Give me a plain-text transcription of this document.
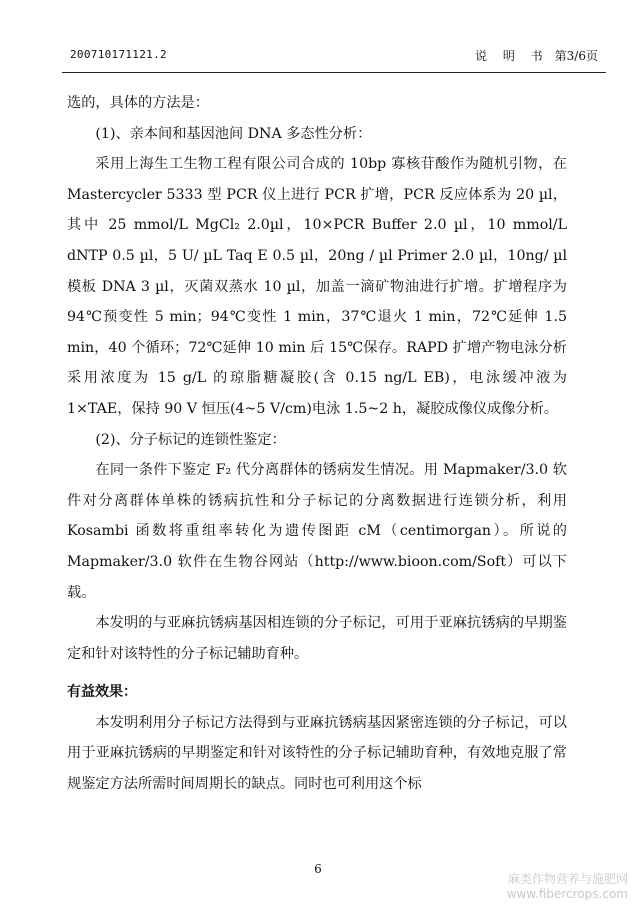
200710171121.2	说 明 书 第3/6页

选的，具体的方法是：

(1)、亲本间和基因池间 DNA 多态性分析：

采用上海生工生物工程有限公司合成的 10bp 寡核苷酸作为随机引物，在 Mastercycler 5333 型 PCR 仪上进行 PCR 扩增，PCR 反应体系为 20 µl，其中 25 mmol/L MgCl₂ 2.0µl，10×PCR Buffer 2.0 µl，10 mmol/L dNTP 0.5 µl，5 U/ µL Taq E 0.5 µl，20ng / µl Primer 2.0 µl，10ng/ µl 模板 DNA 3 µl，灭菌双蒸水 10 µl，加盖一滴矿物油进行扩增。扩增程序为 94℃预变性 5 min；94℃变性 1 min，37℃退火 1 min，72℃延伸 1.5 min，40 个循环；72℃延伸 10 min 后 15℃保存。RAPD 扩增产物电泳分析采用浓度为 15 g/L 的琼脂糖凝胶(含 0.15 ng/L EB)，电泳缓冲液为 1×TAE，保持 90 V 恒压(4~5 V/cm)电泳 1.5~2 h，凝胶成像仪成像分析。

(2)、分子标记的连锁性鉴定：

在同一条件下鉴定 F₂ 代分离群体的锈病发生情况。用 Mapmaker/3.0 软件对分离群体单株的锈病抗性和分子标记的分离数据进行连锁分析，利用 Kosambi 函数将重组率转化为遗传图距 cM（centimorgan）。所说的 Mapmaker/3.0 软件在生物谷网站（http://www.bioon.com/Soft）可以下载。

本发明的与亚麻抗锈病基因相连锁的分子标记，可用于亚麻抗锈病的早期鉴定和针对该特性的分子标记辅助育种。

有益效果：

本发明利用分子标记方法得到与亚麻抗锈病基因紧密连锁的分子标记，可以用于亚麻抗锈病的早期鉴定和针对该特性的分子标记辅助育种，有效地克服了常规鉴定方法所需时间周期长的缺点。同时也可利用这个标

6
麻类作物营养与施肥网
www.fibercrops.com
